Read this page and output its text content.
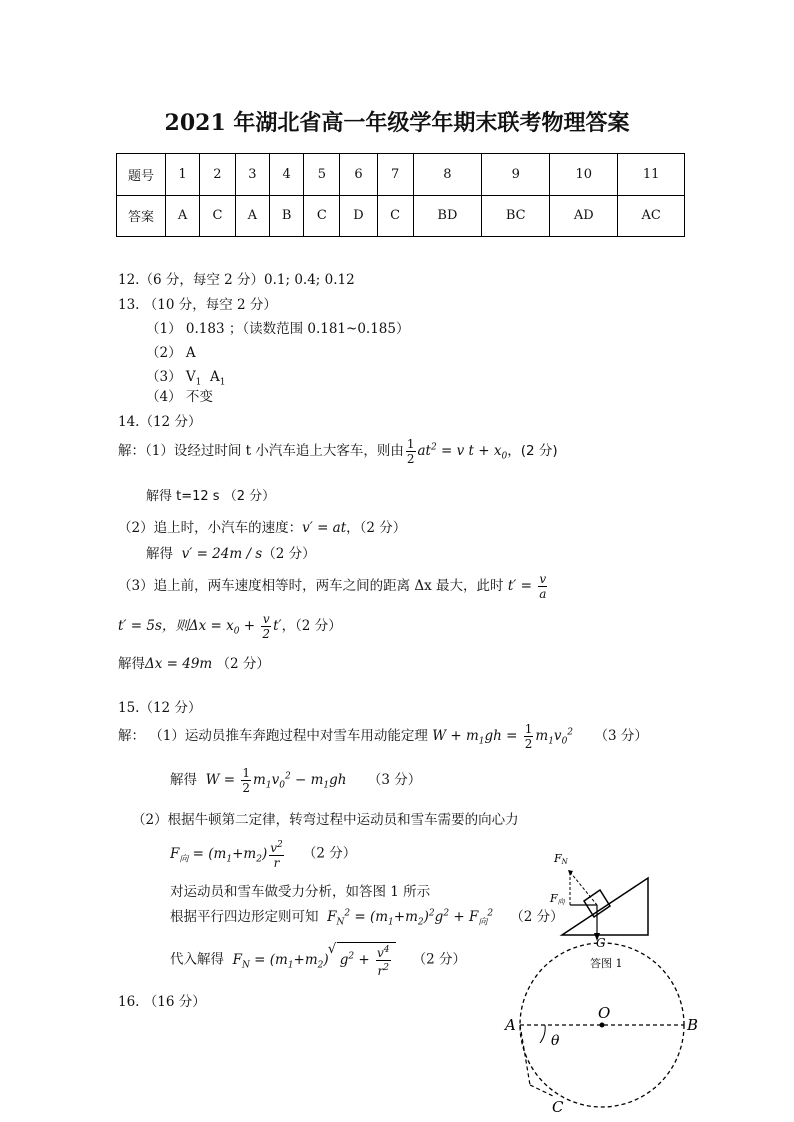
2021 年湖北省高一年级学年期末联考物理答案
题号	1	2	3	4	5	6	7	8	9	10	11
答案	A	C	A	B	C	D	C	BD	BC	AD	AC
12.（6 分，每空 2 分）0.1; 0.4; 0.12
13. （10 分，每空 2 分）
（1） 0.183 ；（读数范围 0.181~0.185）
（2） A
（3） $V_1$ $A_1$
（4） 不变
14.（12 分）
解：（1）设经过时间 t 小汽车追上大客车，则由 $\frac{1}{2} at^2 = v$ $t + x_0$，(2 分)
解得 t=12 s （2 分）
（2）追上时，小汽车的速度：v′ = at，（2 分）
解得 v′ = 24m / s（2 分）
（3）追上前，两车速度相等时，两车之间的距离 Δx 最大，此时 $t' = \frac{v}{a}$
t′ = 5s，则$\Delta x = x_0 + \frac{v}{2} t'$，（2 分）
解得Δx = 49m （2 分）
15.（12 分）
解： （1）运动员推车奔跑过程中对雪车用动能定理 $W + m_1gh = \frac{1}{2} m_1v_0^2$ （3 分）
解得 $W = \frac{1}{2} m_1v_0^2 - m_1gh$ （3 分）
（2）根据牛顿第二定律，转弯过程中运动员和雪车需要的向心力
$F_向 = (m_1+m_2) \frac{v^2}{r} (2$ 分）
对运动员和雪车做受力分析，如答图 1 所示
根据平行四边形定则可知 $F_N^2 = (m_1+m_2)^2g^2 + F_向^2$ （2 分）
代入解得 $F_N = (m_1+m_2) g^2 + \frac{v^4}{r^2}$
√
（2 分）
16. （16 分）
FN
F向
G
答图 1
O
A	B
θ
C
